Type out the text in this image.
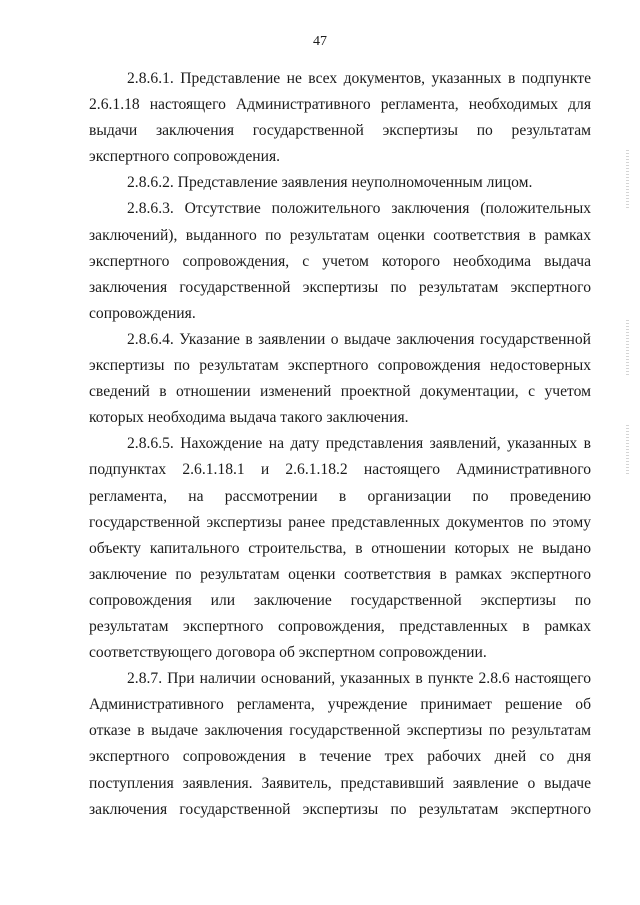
47

2.8.6.1. Представление не всех документов, указанных в подпункте 2.6.1.18 настоящего Административного регламента, необходимых для выдачи заключения государственной экспертизы по результатам экспертного сопровождения.

2.8.6.2. Представление заявления неуполномоченным лицом.

2.8.6.3. Отсутствие положительного заключения (положительных заключений), выданного по результатам оценки соответствия в рамках экспертного сопровождения, с учетом которого необходима выдача заключения государственной экспертизы по результатам экспертного сопровождения.

2.8.6.4. Указание в заявлении о выдаче заключения государственной экспертизы по результатам экспертного сопровождения недостоверных сведений в отношении изменений проектной документации, с учетом которых необходима выдача такого заключения.

2.8.6.5. Нахождение на дату представления заявлений, указанных в подпунктах 2.6.1.18.1 и 2.6.1.18.2 настоящего Административного регламента, на рассмотрении в организации по проведению государственной экспертизы ранее представленных документов по этому объекту капитального строительства, в отношении которых не выдано заключение по результатам оценки соответствия в рамках экспертного сопровождения или заключение государственной экспертизы по результатам экспертного сопровождения, представленных в рамках соответствующего договора об экспертном сопровождении.

2.8.7. При наличии оснований, указанных в пункте 2.8.6 настоящего Административного регламента, учреждение принимает решение об отказе в выдаче заключения государственной экспертизы по результатам экспертного сопровождения в течение трех рабочих дней со дня поступления заявления. Заявитель, представивший заявление о выдаче заключения государственной экспертизы по результатам экспертного
